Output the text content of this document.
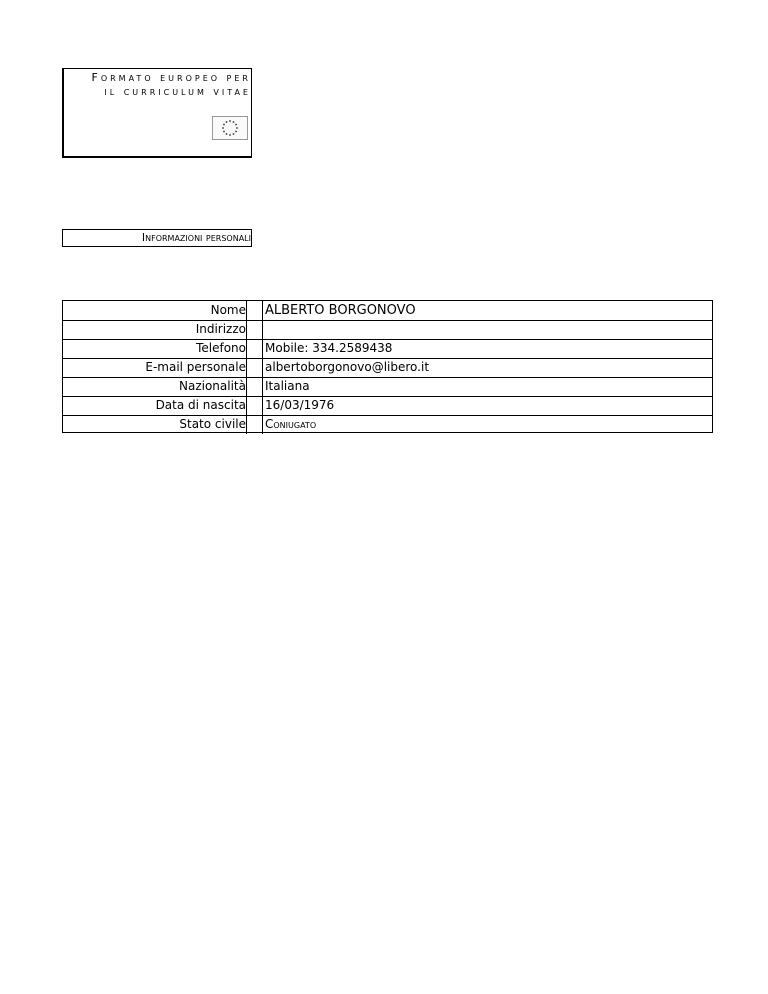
Formato europeo per
il curriculum vitae
Informazioni personali
Nome ALBERTO BORGONOVO
Indirizzo
Telefono Mobile: 334.2589438
E-mail personale albertoborgonovo@libero.it
Nazionalità Italiana
Data di nascita 16/03/1976
Stato civile Coniugato
